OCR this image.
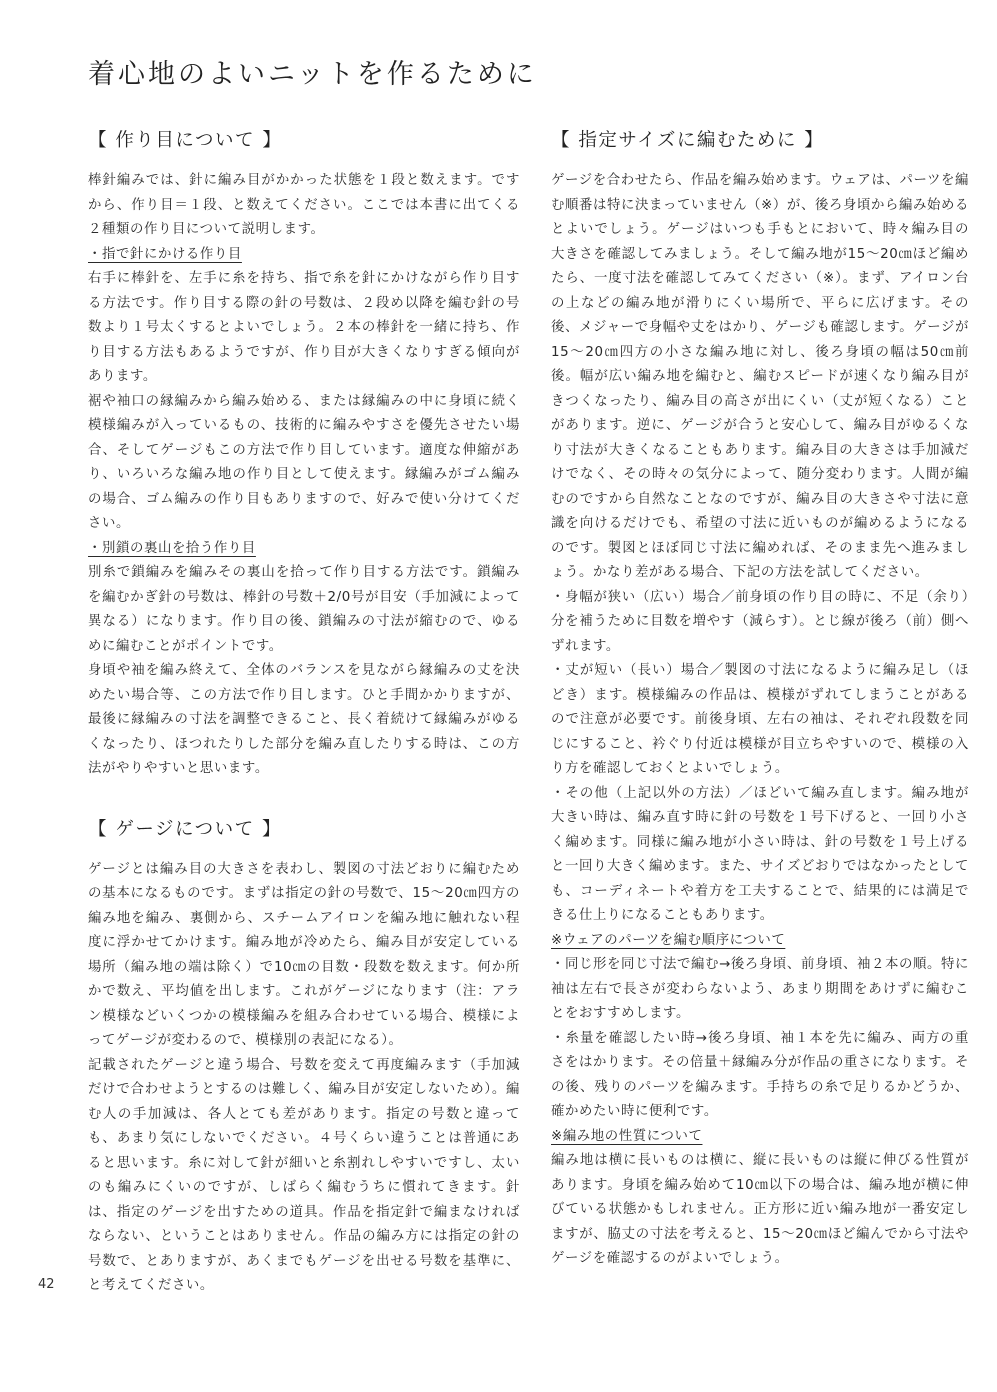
着心地のよいニットを作るために
【 作り目について 】

棒針編みでは、針に編み目がかかった状態を１段と数えます。ですから、作り目＝１段、と数えてください。ここでは本書に出てくる２種類の作り目について説明します。

・指で針にかける作り目

右手に棒針を、左手に糸を持ち、指で糸を針にかけながら作り目する方法です。作り目する際の針の号数は、２段め以降を編む針の号数より１号太くするとよいでしょう。２本の棒針を一緒に持ち、作り目する方法もあるようですが、作り目が大きくなりすぎる傾向があります。

裾や袖口の縁編みから編み始める、または縁編みの中に身頃に続く模様編みが入っているもの、技術的に編みやすさを優先させたい場合、そしてゲージもこの方法で作り目しています。適度な伸縮があり、いろいろな編み地の作り目として使えます。縁編みがゴム編みの場合、ゴム編みの作り目もありますので、好みで使い分けてください。

・別鎖の裏山を拾う作り目

別糸で鎖編みを編みその裏山を拾って作り目する方法です。鎖編みを編むかぎ針の号数は、棒針の号数＋2/0号が目安（手加減によって異なる）になります。作り目の後、鎖編みの寸法が縮むので、ゆるめに編むことがポイントです。

身頃や袖を編み終えて、全体のバランスを見ながら縁編みの丈を決めたい場合等、この方法で作り目します。ひと手間かかりますが、最後に縁編みの寸法を調整できること、長く着続けて縁編みがゆるくなったり、ほつれたりした部分を編み直したりする時は、この方法がやりやすいと思います。

【 ゲージについて 】

ゲージとは編み目の大きさを表わし、製図の寸法どおりに編むための基本になるものです。まずは指定の針の号数で、15～20㎝四方の編み地を編み、裏側から、スチームアイロンを編み地に触れない程度に浮かせてかけます。編み地が冷めたら、編み目が安定している場所（編み地の端は除く）で10㎝の目数・段数を数えます。何か所かで数え、平均値を出します。これがゲージになります（注：アラン模様などいくつかの模様編みを組み合わせている場合、模様によってゲージが変わるので、模様別の表記になる）。

記載されたゲージと違う場合、号数を変えて再度編みます（手加減だけで合わせようとするのは難しく、編み目が安定しないため）。編む人の手加減は、各人とても差があります。指定の号数と違っても、あまり気にしないでください。４号くらい違うことは普通にあると思います。糸に対して針が細いと糸割れしやすいですし、太いのも編みにくいのですが、しばらく編むうちに慣れてきます。針は、指定のゲージを出すための道具。作品を指定針で編まなければならない、ということはありません。作品の編み方には指定の針の号数で、とありますが、あくまでもゲージを出せる号数を基準に、と考えてください。

【 指定サイズに編むために 】

ゲージを合わせたら、作品を編み始めます。ウェアは、パーツを編む順番は特に決まっていません（※）が、後ろ身頃から編み始めるとよいでしょう。ゲージはいつも手もとにおいて、時々編み目の大きさを確認してみましょう。そして編み地が15～20㎝ほど編めたら、一度寸法を確認してみてください（※）。まず、アイロン台の上などの編み地が滑りにくい場所で、平らに広げます。その後、メジャーで身幅や丈をはかり、ゲージも確認します。ゲージが15～20㎝四方の小さな編み地に対し、後ろ身頃の幅は50㎝前後。幅が広い編み地を編むと、編むスピードが速くなり編み目がきつくなったり、編み目の高さが出にくい（丈が短くなる）ことがあります。逆に、ゲージが合うと安心して、編み目がゆるくなり寸法が大きくなることもあります。編み目の大きさは手加減だけでなく、その時々の気分によって、随分変わります。人間が編むのですから自然なことなのですが、編み目の大きさや寸法に意識を向けるだけでも、希望の寸法に近いものが編めるようになるのです。製図とほぼ同じ寸法に編めれば、そのまま先へ進みましょう。かなり差がある場合、下記の方法を試してください。

・身幅が狭い（広い）場合／前身頃の作り目の時に、不足（余り）分を補うために目数を増やす（減らす）。とじ線が後ろ（前）側へずれます。

・丈が短い（長い）場合／製図の寸法になるように編み足し（ほどき）ます。模様編みの作品は、模様がずれてしまうことがあるので注意が必要です。前後身頃、左右の袖は、それぞれ段数を同じにすること、衿ぐり付近は模様が目立ちやすいので、模様の入り方を確認しておくとよいでしょう。

・その他（上記以外の方法）／ほどいて編み直します。編み地が大きい時は、編み直す時に針の号数を１号下げると、一回り小さく編めます。同様に編み地が小さい時は、針の号数を１号上げると一回り大きく編めます。また、サイズどおりではなかったとしても、コーディネートや着方を工夫することで、結果的には満足できる仕上りになることもあります。

※ウェアのパーツを編む順序について

・同じ形を同じ寸法で編む→後ろ身頃、前身頃、袖２本の順。特に袖は左右で長さが変わらないよう、あまり期間をあけずに編むことをおすすめします。

・糸量を確認したい時→後ろ身頃、袖１本を先に編み、両方の重さをはかります。その倍量＋縁編み分が作品の重さになります。その後、残りのパーツを編みます。手持ちの糸で足りるかどうか、確かめたい時に便利です。

※編み地の性質について

編み地は横に長いものは横に、縦に長いものは縦に伸びる性質があります。身頃を編み始めて10㎝以下の場合は、編み地が横に伸びている状態かもしれません。正方形に近い編み地が一番安定しますが、脇丈の寸法を考えると、15～20㎝ほど編んでから寸法やゲージを確認するのがよいでしょう。

42
